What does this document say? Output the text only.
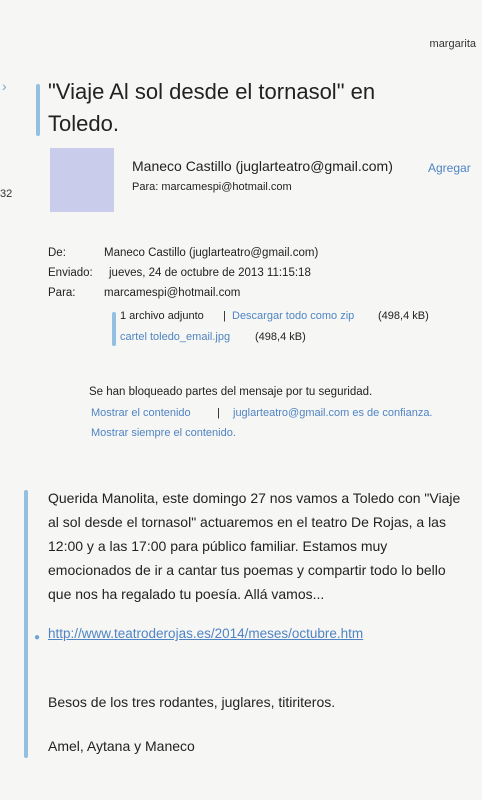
margarita
›
32
"Viaje Al sol desde el tornasol" en Toledo.
Maneco Castillo (juglarteatro@gmail.com)	Agregar
Para: marcamespi@hotmail.com
De:	Maneco Castillo (juglarteatro@gmail.com)
Enviado: jueves, 24 de octubre de 2013 11:15:18
Para: marcamespi@hotmail.com
1 archivo adjunto | Descargar todo como zip (498,4 kB)
cartel toledo_email.jpg (498,4 kB)
Se han bloqueado partes del mensaje por tu seguridad.
Mostrar el contenido | juglarteatro@gmail.com es de confianza.
Mostrar siempre el contenido.
Querida Manolita, este domingo 27 nos vamos a Toledo con "Viaje al sol desde el tornasol" actuaremos en el teatro De Rojas, a las 12:00 y a las 17:00 para público familiar. Estamos muy emocionados de ir a cantar tus poemas y compartir todo lo bello que nos ha regalado tu poesía. Allá vamos...
● http://www.teatroderojas.es/2014/meses/octubre.htm
Besos de los tres rodantes, juglares, titiriteros.
Amel, Aytana y Maneco
